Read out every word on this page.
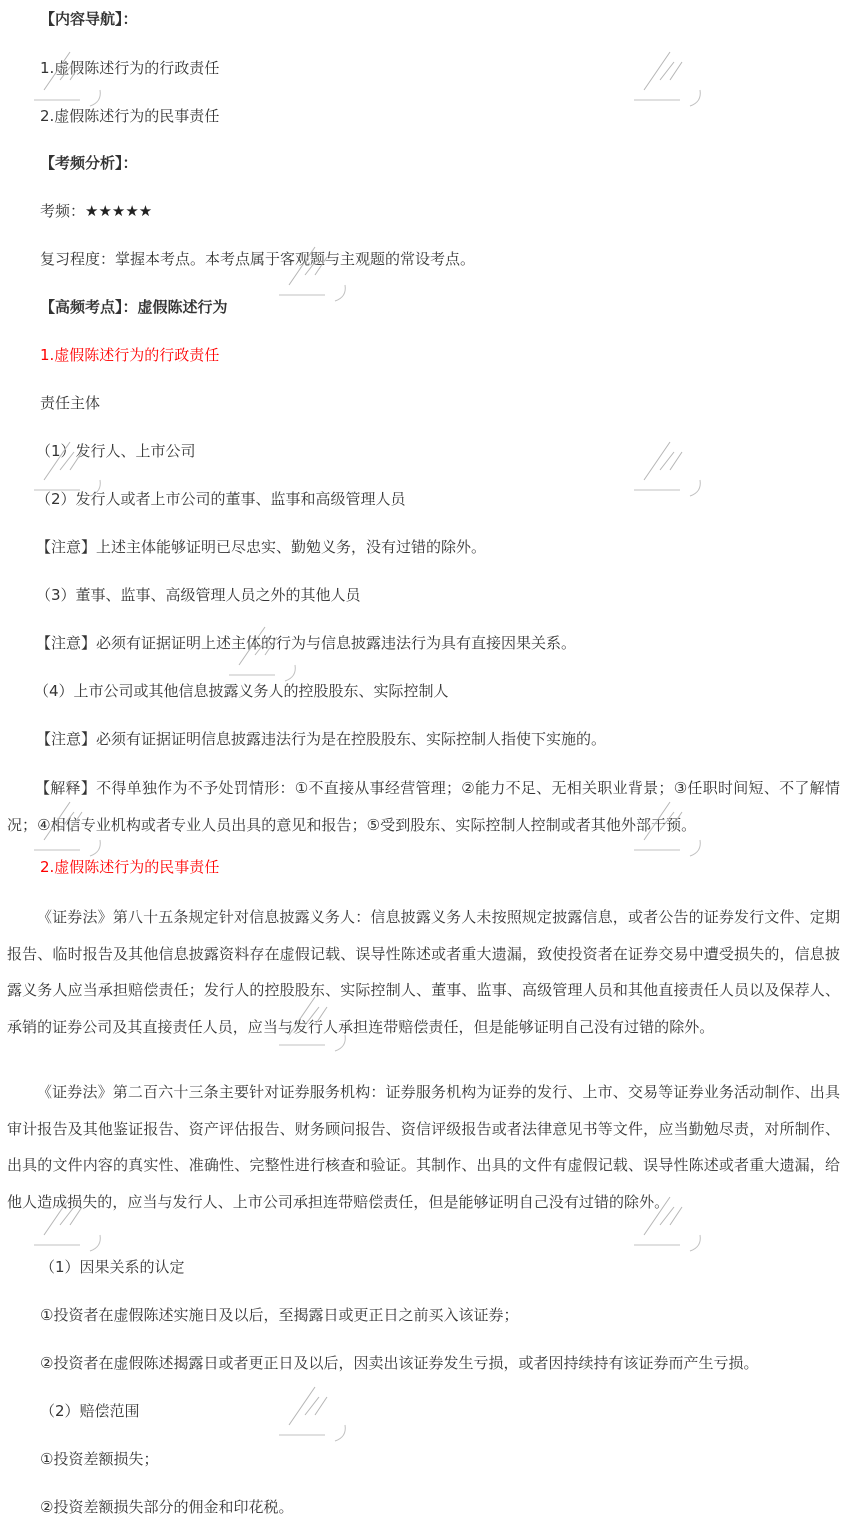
【内容导航】：
1.虚假陈述行为的行政责任
2.虚假陈述行为的民事责任
【考频分析】：
考频：★★★★★
复习程度：掌握本考点。本考点属于客观题与主观题的常设考点。
【高频考点】：虚假陈述行为
1.虚假陈述行为的行政责任
责任主体
（1）发行人、上市公司
（2）发行人或者上市公司的董事、监事和高级管理人员
【注意】上述主体能够证明已尽忠实、勤勉义务，没有过错的除外。
（3）董事、监事、高级管理人员之外的其他人员
【注意】必须有证据证明上述主体的行为与信息披露违法行为具有直接因果关系。
（4）上市公司或其他信息披露义务人的控股股东、实际控制人
【注意】必须有证据证明信息披露违法行为是在控股股东、实际控制人指使下实施的。
【解释】不得单独作为不予处罚情形：①不直接从事经营管理；②能力不足、无相关职业背景；③任职时间短、不了解情况；④相信专业机构或者专业人员出具的意见和报告；⑤受到股东、实际控制人控制或者其他外部干预。
2.虚假陈述行为的民事责任
《证券法》第八十五条规定针对信息披露义务人：信息披露义务人未按照规定披露信息，或者公告的证券发行文件、定期报告、临时报告及其他信息披露资料存在虚假记载、误导性陈述或者重大遗漏，致使投资者在证券交易中遭受损失的，信息披露义务人应当承担赔偿责任；发行人的控股股东、实际控制人、董事、监事、高级管理人员和其他直接责任人员以及保荐人、承销的证券公司及其直接责任人员，应当与发行人承担连带赔偿责任，但是能够证明自己没有过错的除外。
《证券法》第二百六十三条主要针对证券服务机构：证券服务机构为证券的发行、上市、交易等证券业务活动制作、出具审计报告及其他鉴证报告、资产评估报告、财务顾问报告、资信评级报告或者法律意见书等文件，应当勤勉尽责，对所制作、出具的文件内容的真实性、准确性、完整性进行核查和验证。其制作、出具的文件有虚假记载、误导性陈述或者重大遗漏，给他人造成损失的，应当与发行人、上市公司承担连带赔偿责任，但是能够证明自己没有过错的除外。
（1）因果关系的认定
①投资者在虚假陈述实施日及以后，至揭露日或更正日之前买入该证券；
②投资者在虚假陈述揭露日或者更正日及以后，因卖出该证券发生亏损，或者因持续持有该证券而产生亏损。
（2）赔偿范围
①投资差额损失；
②投资差额损失部分的佣金和印花税。
